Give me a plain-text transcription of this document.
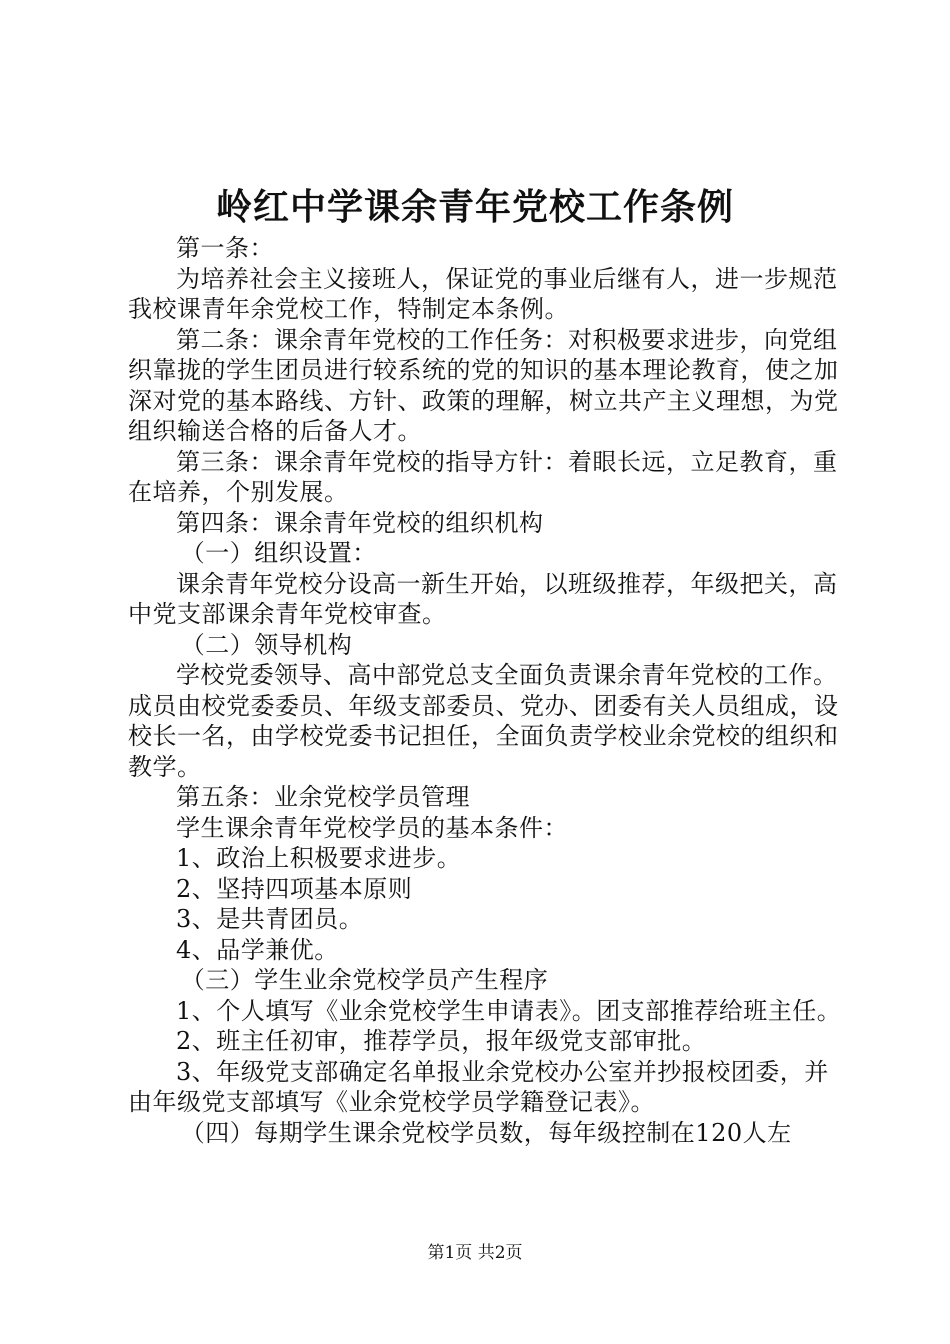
岭红中学课余青年党校工作条例

第一条：

为培养社会主义接班人，保证党的事业后继有人，进一步规范我校课青年余党校工作，特制定本条例。

第二条：课余青年党校的工作任务：对积极要求进步，向党组织靠拢的学生团员进行较系统的党的知识的基本理论教育，使之加深对党的基本路线、方针、政策的理解，树立共产主义理想，为党组织输送合格的后备人才。

第三条：课余青年党校的指导方针：着眼长远，立足教育，重在培养，个别发展。

第四条：课余青年党校的组织机构

（一）组织设置：

课余青年党校分设高一新生开始，以班级推荐，年级把关，高中党支部课余青年党校审查。

（二）领导机构

学校党委领导、高中部党总支全面负责课余青年党校的工作。成员由校党委委员、年级支部委员、党办、团委有关人员组成，设校长一名，由学校党委书记担任，全面负责学校业余党校的组织和教学。

第五条：业余党校学员管理

学生课余青年党校学员的基本条件：

1、政治上积极要求进步。

2、坚持四项基本原则

3、是共青团员。

4、品学兼优。

（三）学生业余党校学员产生程序

1、个人填写《业余党校学生申请表》。团支部推荐给班主任。

2、班主任初审，推荐学员，报年级党支部审批。

3、年级党支部确定名单报业余党校办公室并抄报校团委，并由年级党支部填写《业余党校学员学籍登记表》。

（四）每期学生课余党校学员数，每年级控制在120人左

第1页 共2页
